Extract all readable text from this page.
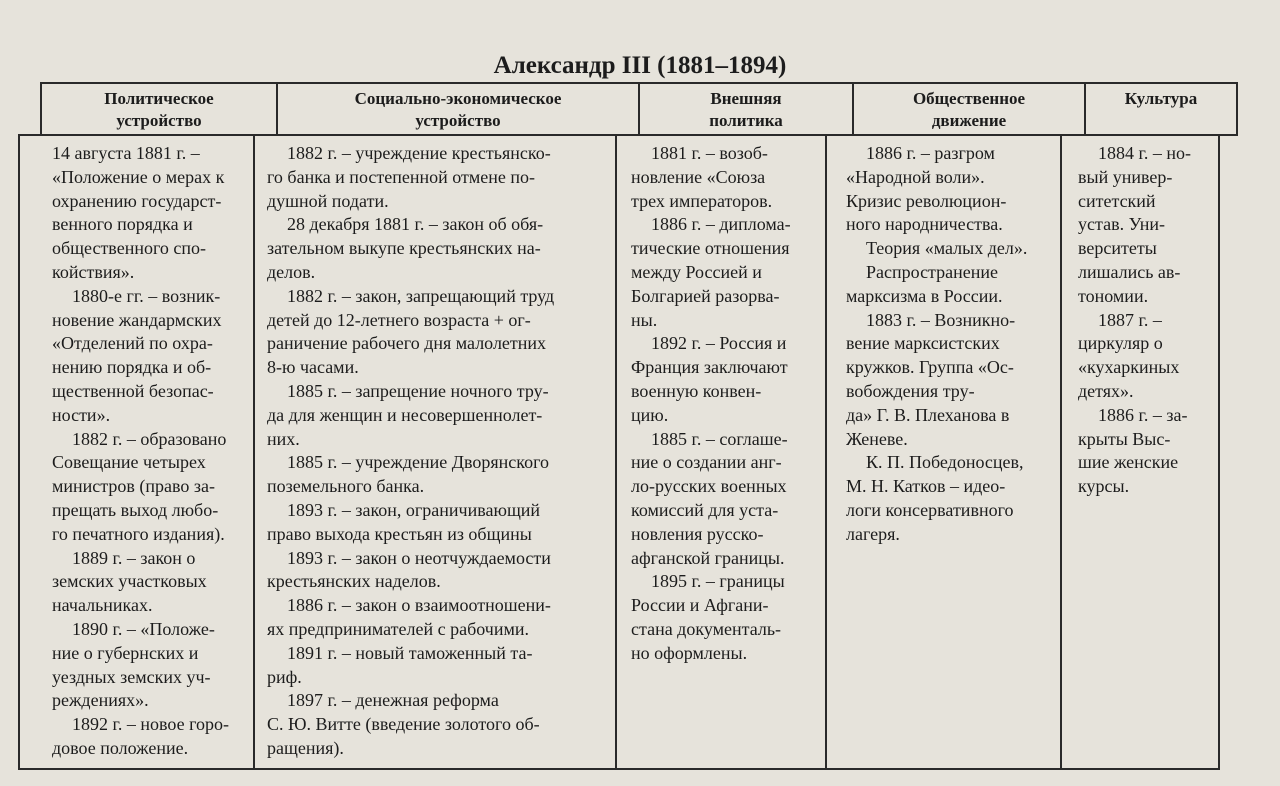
Александр III (1881–1894)
Политическое
устройство
Социально-экономическое
устройство
Внешняя
политика
Общественное
движение
Культура

14 августа 1881 г. –
«Положение о мерах к
охранению государст-
венного порядка и
общественного спо-
койствия».

1880-е гг. – возник-
новение жандармских
«Отделений по охра-
нению порядка и об-
щественной безопас-
ности».

1882 г. – образовано
Совещание четырех
министров (право за-
прещать выход любо-
го печатного издания).

1889 г. – закон о
земских участковых
начальниках.

1890 г. – «Положе-
ние о губернских и
уездных земских уч-
реждениях».

1892 г. – новое горо-
довое положение.

1882 г. – учреждение крестьянско-
го банка и постепенной отмене по-
душной подати.

28 декабря 1881 г. – закон об обя-
зательном выкупе крестьянских на-
делов.

1882 г. – закон, запрещающий труд
детей до 12-летнего возраста + ог-
раничение рабочего дня малолетних
8-ю часами.

1885 г. – запрещение ночного тру-
да для женщин и несовершеннолет-
них.

1885 г. – учреждение Дворянского
поземельного банка.

1893 г. – закон, ограничивающий
право выхода крестьян из общины

1893 г. – закон о неотчуждаемости
крестьянских наделов.

1886 г. – закон о взаимоотношени-
ях предпринимателей с рабочими.

1891 г. – новый таможенный та-
риф.

1897 г. – денежная реформа

С. Ю. Витте (введение золотого об-
ращения).

1881 г. – возоб-
новление «Союза
трех императоров.

1886 г. – диплома-
тические отношения
между Россией и
Болгарией разорва-
ны.

1892 г. – Россия и
Франция заключают
военную конвен-
цию.

1885 г. – соглаше-
ние о создании анг-
ло-русских военных
комиссий для уста-
новления русско-
афганской границы.

1895 г. – границы
России и Афгани-
стана документаль-
но оформлены.

1886 г. – разгром
«Народной воли».
Кризис революцион-
ного народничества.

Теория «малых дел».

Распространение
марксизма в России.

1883 г. – Возникно-
вение марксистских
кружков. Группа «Ос-
вобождения тру-
да» Г. В. Плеханова в
Женеве.

К. П. Победоносцев,
М. Н. Катков – идео-
логи консервативного
лагеря.

1884 г. – но-
вый универ-
ситетский
устав. Уни-
верситеты
лишались ав-
тономии.

1887 г. –
циркуляр о
«кухаркиных
детях».

1886 г. – за-
крыты Выс-
шие женские
курсы.
